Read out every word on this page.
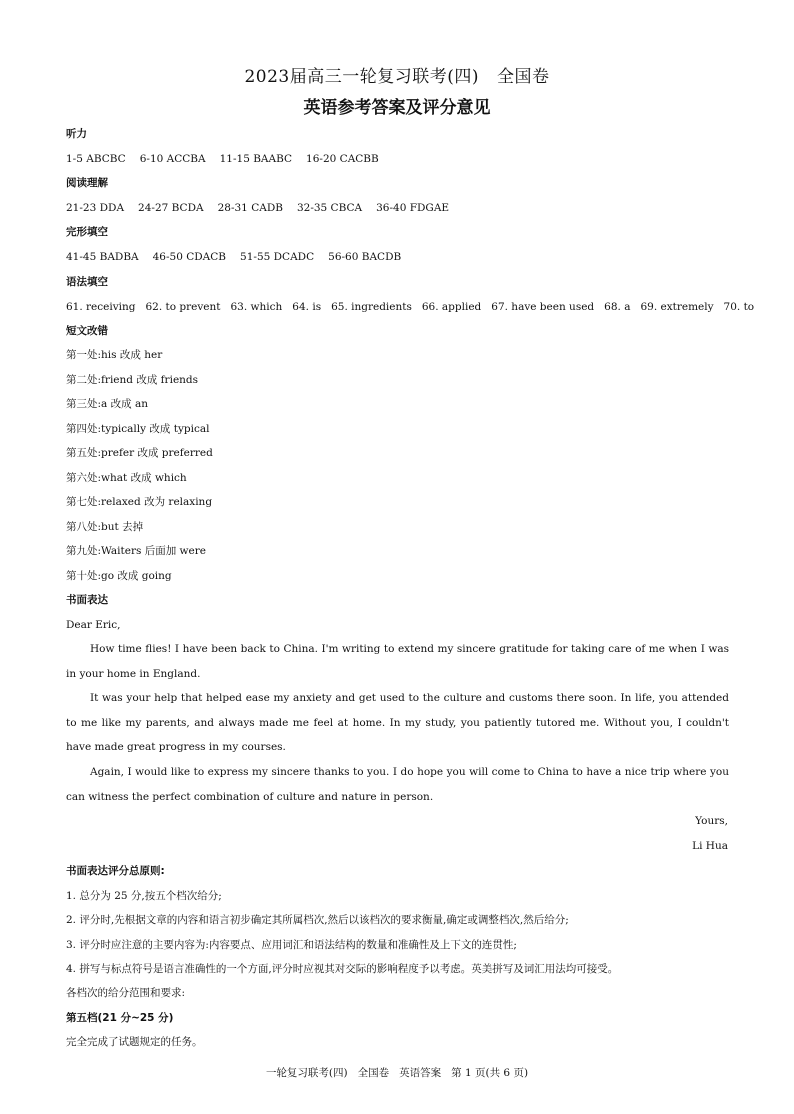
2023届高三一轮复习联考(四) 全国卷
英语参考答案及评分意见
听力
1-5 ABCBC 6-10 ACCBA 11-15 BAABC 16-20 CACBB
阅读理解
21-23 DDA 24-27 BCDA 28-31 CADB 32-35 CBCA 36-40 FDGAE
完形填空
41-45 BADBA 46-50 CDACB 51-55 DCADC 56-60 BACDB
语法填空
61. receiving 62. to prevent 63. which 64. is 65. ingredients 66. applied 67. have been used 68. a 69. extremely 70. to
短文改错
第一处:his 改成 her
第二处:friend 改成 friends
第三处:a 改成 an
第四处:typically 改成 typical
第五处:prefer 改成 preferred
第六处:what 改成 which
第七处:relaxed 改为 relaxing
第八处:but 去掉
第九处:Waiters 后面加 were
第十处:go 改成 going
书面表达
Dear Eric,
How time flies! I have been back to China. I'm writing to extend my sincere gratitude for taking care of me when I was in your home in England.
It was your help that helped ease my anxiety and get used to the culture and customs there soon. In life, you attended to me like my parents, and always made me feel at home. In my study, you patiently tutored me. Without you, I couldn't have made great progress in my courses.
Again, I would like to express my sincere thanks to you. I do hope you will come to China to have a nice trip where you can witness the perfect combination of culture and nature in person.
Yours,
Li Hua
书面表达评分总原则:
1. 总分为 25 分,按五个档次给分;
2. 评分时,先根据文章的内容和语言初步确定其所属档次,然后以该档次的要求衡量,确定或调整档次,然后给分;
3. 评分时应注意的主要内容为:内容要点、应用词汇和语法结构的数量和准确性及上下文的连贯性;
4. 拼写与标点符号是语言准确性的一个方面,评分时应视其对交际的影响程度予以考虑。英美拼写及词汇用法均可接受。
各档次的给分范围和要求:
第五档(21 分~25 分)
完全完成了试题规定的任务。
一轮复习联考(四) 全国卷 英语答案 第 1 页(共 6 页)
